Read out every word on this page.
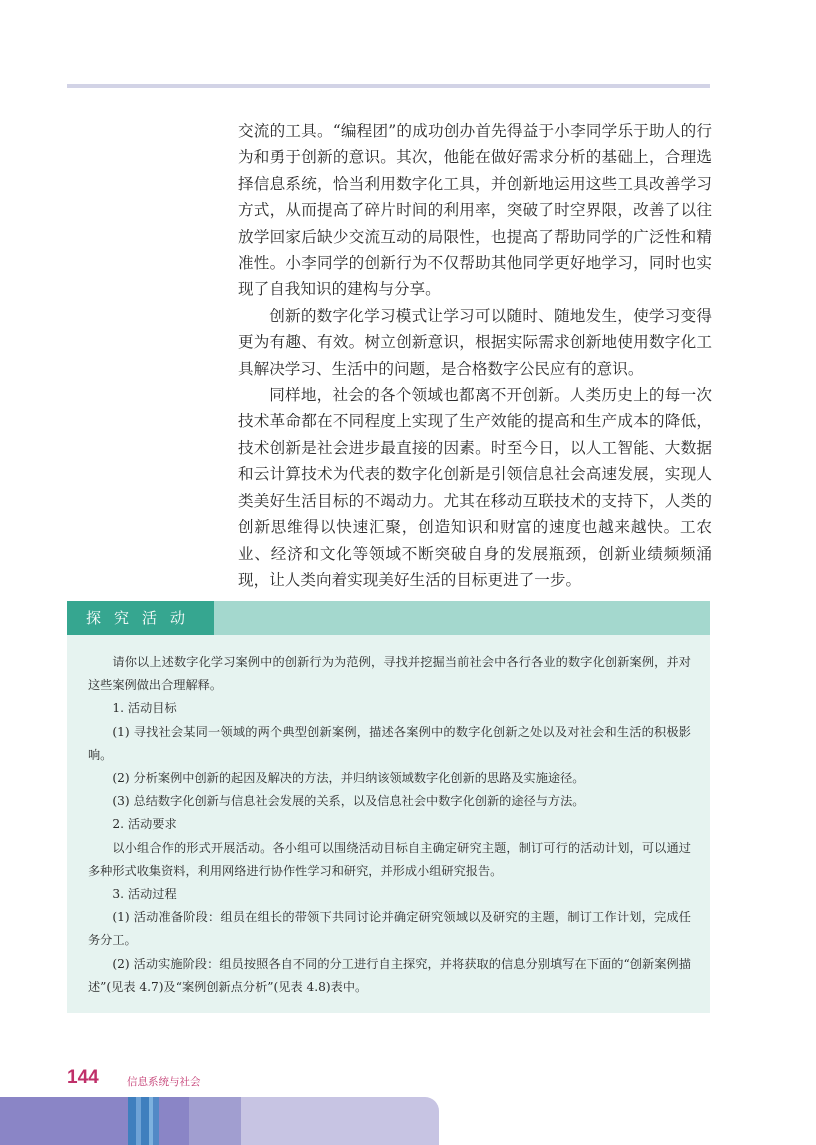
交流的工具。“编程团”的成功创办首先得益于小李同学乐于助人的行为和勇于创新的意识。其次，他能在做好需求分析的基础上，合理选择信息系统，恰当利用数字化工具，并创新地运用这些工具改善学习方式，从而提高了碎片时间的利用率，突破了时空界限，改善了以往放学回家后缺少交流互动的局限性，也提高了帮助同学的广泛性和精准性。小李同学的创新行为不仅帮助其他同学更好地学习，同时也实现了自我知识的建构与分享。

创新的数字化学习模式让学习可以随时、随地发生，使学习变得更为有趣、有效。树立创新意识，根据实际需求创新地使用数字化工具解决学习、生活中的问题，是合格数字公民应有的意识。

同样地，社会的各个领域也都离不开创新。人类历史上的每一次技术革命都在不同程度上实现了生产效能的提高和生产成本的降低，技术创新是社会进步最直接的因素。时至今日，以人工智能、大数据和云计算技术为代表的数字化创新是引领信息社会高速发展，实现人类美好生活目标的不竭动力。尤其在移动互联技术的支持下，人类的创新思维得以快速汇聚，创造知识和财富的速度也越来越快。工农业、经济和文化等领域不断突破自身的发展瓶颈，创新业绩频频涌现，让人类向着实现美好生活的目标更进了一步。

探究活动

请你以上述数字化学习案例中的创新行为为范例，寻找并挖掘当前社会中各行各业的数字化创新案例，并对这些案例做出合理解释。

1. 活动目标

(1) 寻找社会某同一领域的两个典型创新案例，描述各案例中的数字化创新之处以及对社会和生活的积极影响。

(2) 分析案例中创新的起因及解决的方法，并归纳该领域数字化创新的思路及实施途径。

(3) 总结数字化创新与信息社会发展的关系，以及信息社会中数字化创新的途径与方法。

2. 活动要求

以小组合作的形式开展活动。各小组可以围绕活动目标自主确定研究主题，制订可行的活动计划，可以通过多种形式收集资料，利用网络进行协作性学习和研究，并形成小组研究报告。

3. 活动过程

(1) 活动准备阶段：组员在组长的带领下共同讨论并确定研究领域以及研究的主题，制订工作计划，完成任务分工。

(2) 活动实施阶段：组员按照各自不同的分工进行自主探究，并将获取的信息分别填写在下面的“创新案例描述”(见表 4.7)及“案例创新点分析”(见表 4.8)表中。

144	信息系统与社会
